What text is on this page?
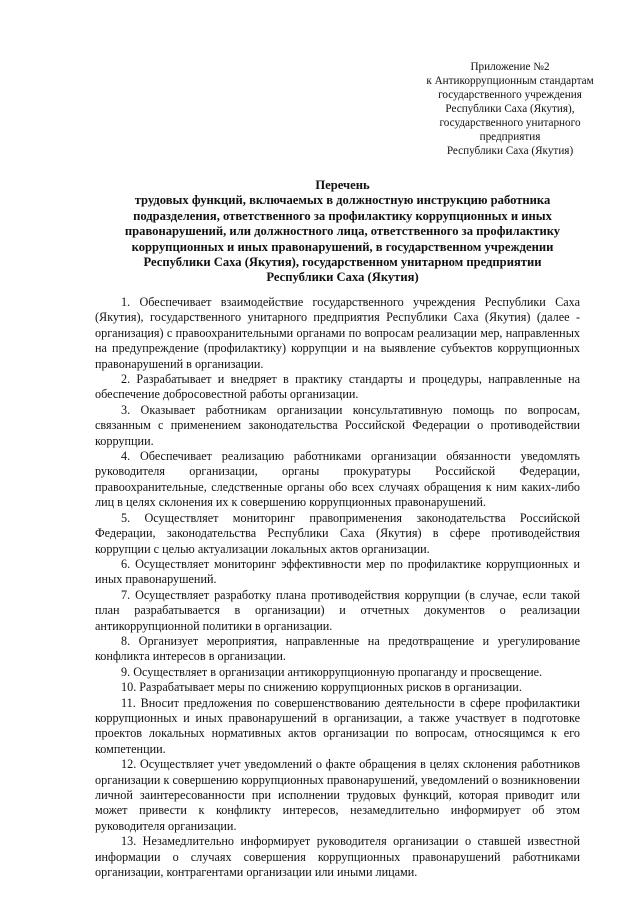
Приложение №2
к Антикоррупционным стандартам
государственного учреждения
Республики Саха (Якутия),
государственного унитарного
предприятия
Республики Саха (Якутия)
Перечень
трудовых функций, включаемых в должностную инструкцию работника
подразделения, ответственного за профилактику коррупционных и иных
правонарушений, или должностного лица, ответственного за профилактику
коррупционных и иных правонарушений, в государственном учреждении
Республики Саха (Якутия), государственном унитарном предприятии
Республики Саха (Якутия)

1. Обеспечивает взаимодействие государственного учреждения Республики Саха (Якутия), государственного унитарного предприятия Республики Саха (Якутия) (далее - организация) с правоохранительными органами по вопросам реализации мер, направленных на предупреждение (профилактику) коррупции и на выявление субъектов коррупционных правонарушений в организации.

2. Разрабатывает и внедряет в практику стандарты и процедуры, направленные на обеспечение добросовестной работы организации.

3. Оказывает работникам организации консультативную помощь по вопросам, связанным с применением законодательства Российской Федерации о противодействии коррупции.

4. Обеспечивает реализацию работниками организации обязанности уведомлять руководителя организации, органы прокуратуры Российской Федерации, правоохранительные, следственные органы обо всех случаях обращения к ним каких-либо лиц в целях склонения их к совершению коррупционных правонарушений.

5. Осуществляет мониторинг правоприменения законодательства Российской Федерации, законодательства Республики Саха (Якутия) в сфере противодействия коррупции с целью актуализации локальных актов организации.

6. Осуществляет мониторинг эффективности мер по профилактике коррупционных и иных правонарушений.

7. Осуществляет разработку плана противодействия коррупции (в случае, если такой план разрабатывается в организации) и отчетных документов о реализации антикоррупционной политики в организации.

8. Организует мероприятия, направленные на предотвращение и урегулирование конфликта интересов в организации.

9. Осуществляет в организации антикоррупционную пропаганду и просвещение.

10. Разрабатывает меры по снижению коррупционных рисков в организации.

11. Вносит предложения по совершенствованию деятельности в сфере профилактики коррупционных и иных правонарушений в организации, а также участвует в подготовке проектов локальных нормативных актов организации по вопросам, относящимся к его компетенции.

12. Осуществляет учет уведомлений о факте обращения в целях склонения работников организации к совершению коррупционных правонарушений, уведомлений о возникновении личной заинтересованности при исполнении трудовых функций, которая приводит или может привести к конфликту интересов, незамедлительно информирует об этом руководителя организации.

13. Незамедлительно информирует руководителя организации о ставшей известной информации о случаях совершения коррупционных правонарушений работниками организации, контрагентами организации или иными лицами.
